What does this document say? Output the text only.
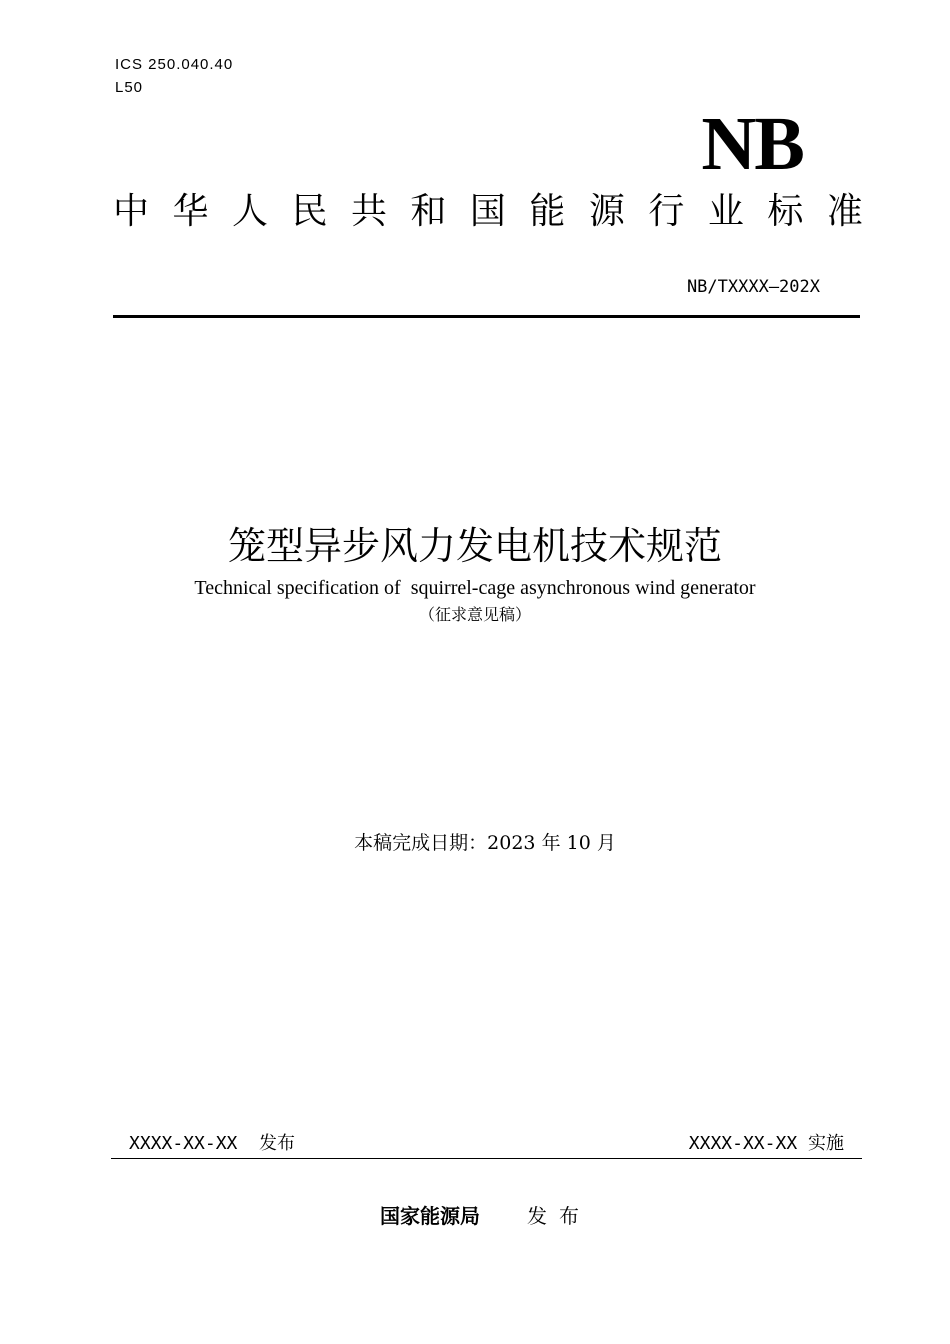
ICS 250.040.40
L50
NB
中 华 人 民 共 和 国 能 源 行 业 标 准
NB/TXXXX—202X
笼型异步风力发电机技术规范
Technical specification of  squirrel-cage asynchronous wind generator
（征求意见稿）
本稿完成日期：2023 年 10 月
XXXX-XX-XX  发布	XXXX-XX-XX 实施
国家能源局 发布
